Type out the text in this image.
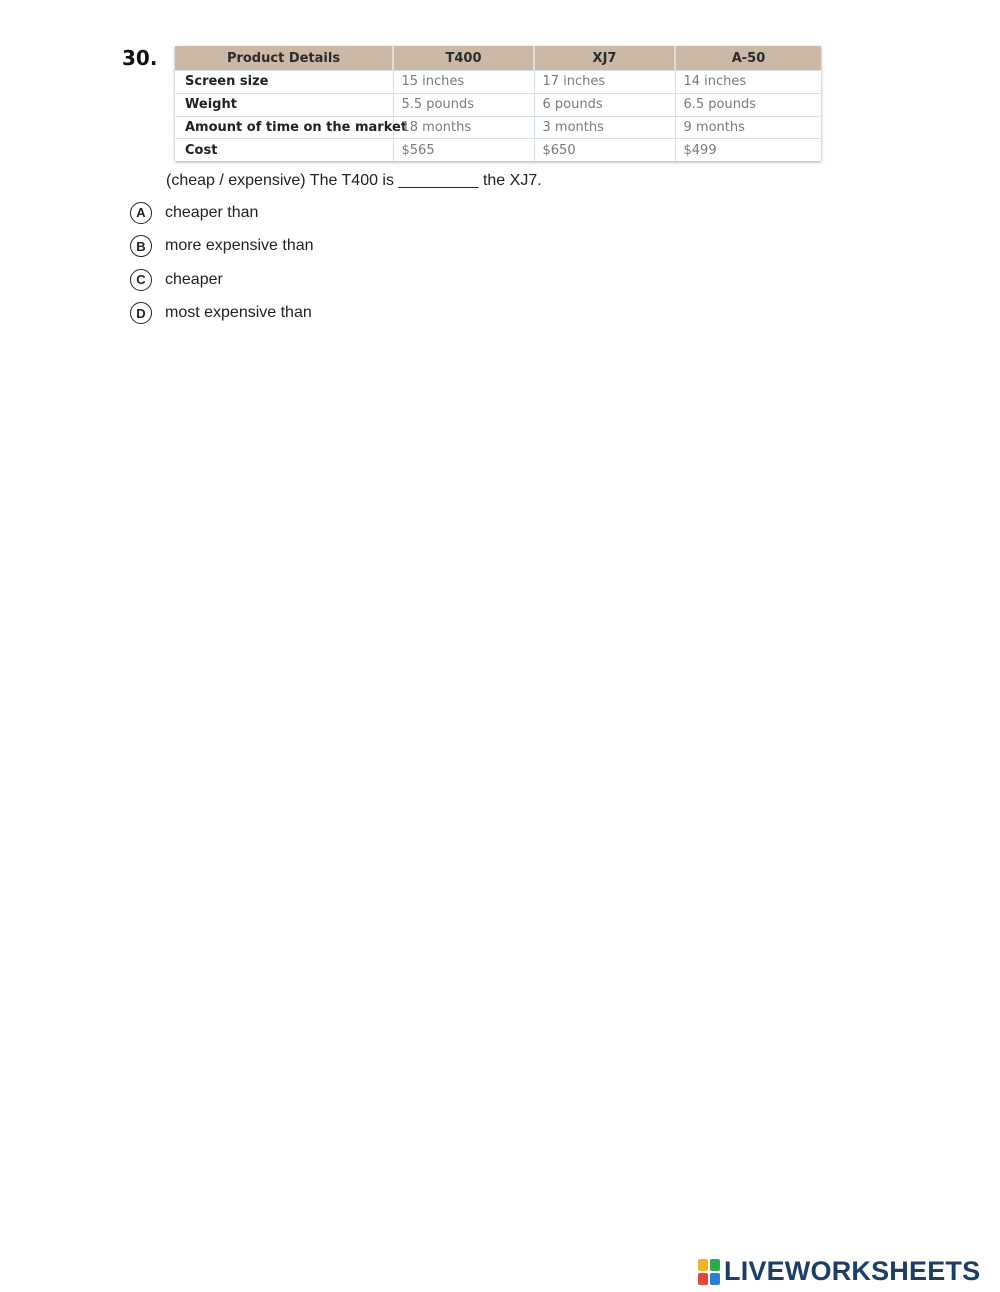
30.	Product Details	T400	XJ7	A-50
Screen size	15 inches	17 inches	14 inches
Weight	5.5 pounds	6 pounds	6.5 pounds
Amount of time on the market	18 months	3 months	9 months
Cost	$565	$650	$499
(cheap / expensive) The T400 is _________ the XJ7.
A	cheaper than
B	more expensive than
C	cheaper
D	most expensive than
LIVEWORKSHEETS
